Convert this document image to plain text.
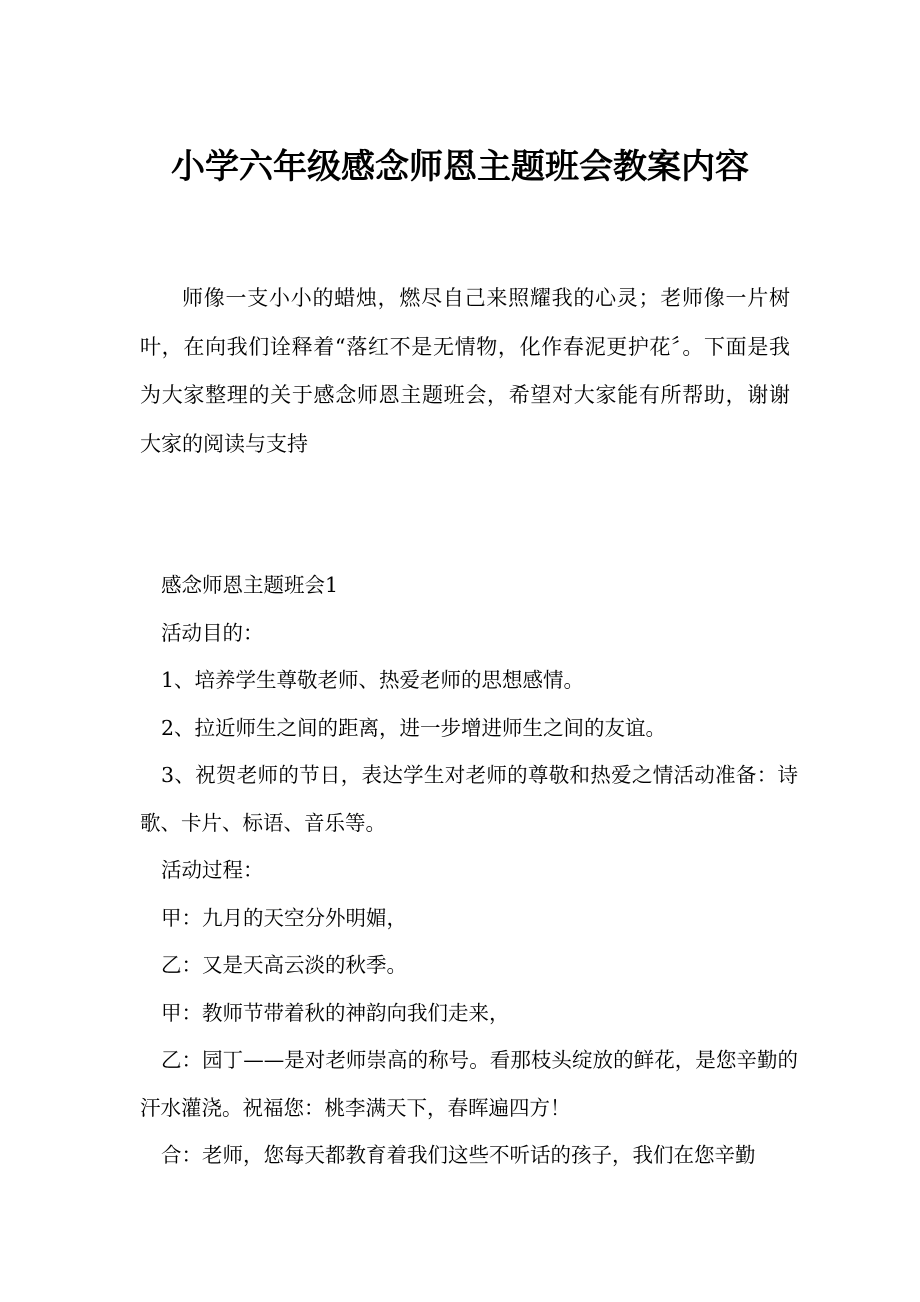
小学六年级感念师恩主题班会教案内容

师像一支小小的蜡烛，燃尽自己来照耀我的心灵；老师像一片树叶，在向我们诠释着“落红不是无情物，化作春泥更护花〞。下面是我为大家整理的关于感念师恩主题班会，希望对大家能有所帮助，谢谢大家的阅读与支持

感念师恩主题班会1

活动目的：

1、培养学生尊敬老师、热爱老师的思想感情。

2、拉近师生之间的距离，进一步增进师生之间的友谊。

3、祝贺老师的节日，表达学生对老师的尊敬和热爱之情活动准备：诗歌、卡片、标语、音乐等。

活动过程：

甲：九月的天空分外明媚，

乙：又是天高云淡的秋季。

甲：教师节带着秋的神韵向我们走来，

乙：园丁——是对老师崇高的称号。看那枝头绽放的鲜花，是您辛勤的汗水灌浇。祝福您：桃李满天下，春晖遍四方！

合：老师，您每天都教育着我们这些不听话的孩子，我们在您辛勤
